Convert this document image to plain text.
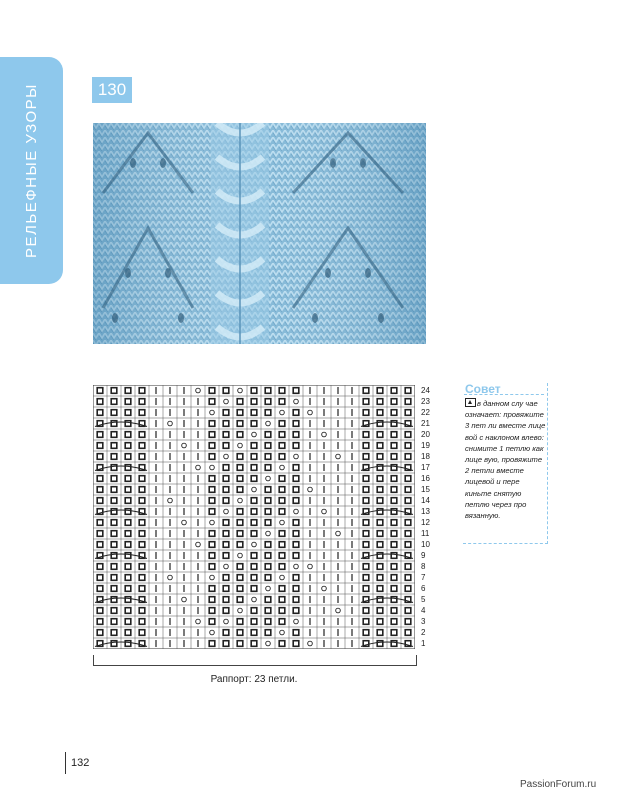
РЕЛЬЕФНЫЕ УЗОРЫ	130
24
23
22
21
20
19
18
17
16
15
14
13
12
11
10
9
8
7
6
5
4
3
2
1
Раппорт: 23 петли.
Совет
в данном слу чае означает: провяжите 3 пет ли вместе лице вой с наклоном влево: снимите 1 петлю как лице вую, провяжите 2 петли вместе лицевой и пере киньте снятую петлю через про вязанную.
132
PassionForum.ru
